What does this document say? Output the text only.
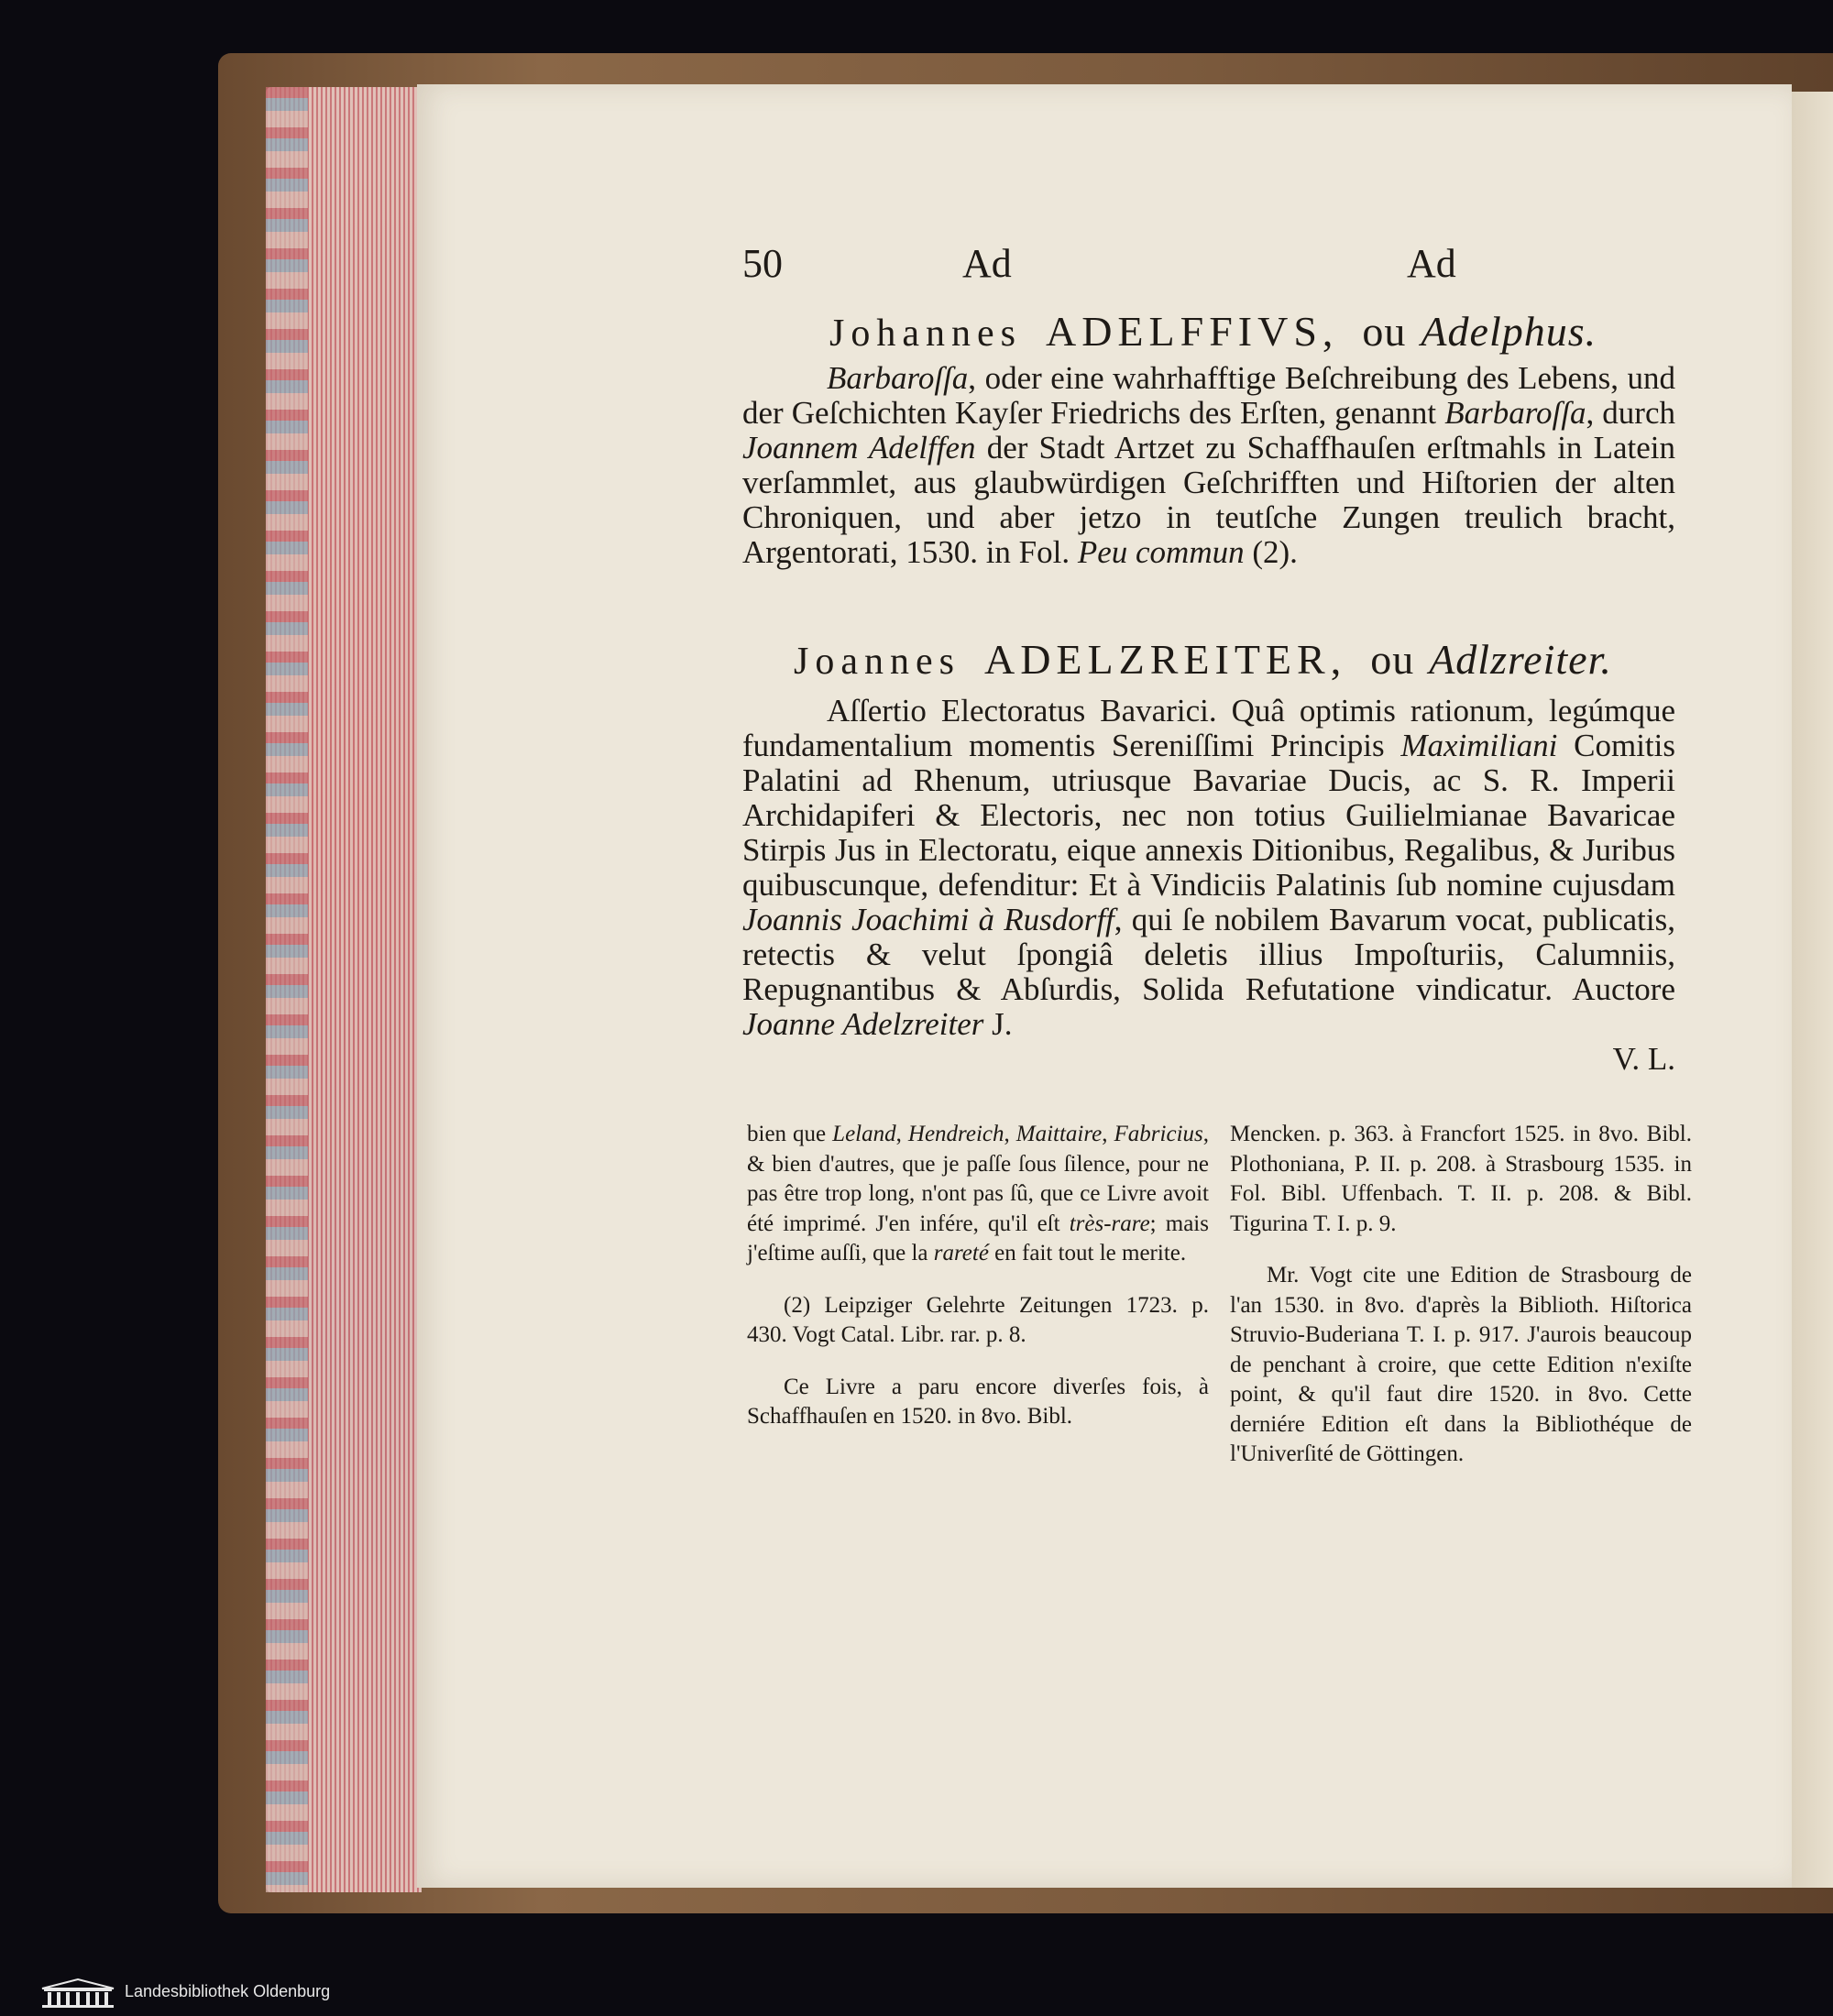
50	Ad	Ad
Johannes ADELFFIVS, ou Adelphus.
Barbaroſſa, oder eine wahrhafftige Beſchreibung des Lebens, und der Geſchichten Kayſer Friedrichs des Erſten, genannt Barbaroſſa, durch Joannem Adelffen der Stadt Artzet zu Schaffhauſen erſtmahls in Latein verſammlet, aus glaubwürdigen Geſchrifften und Hiſtorien der alten Chroniquen, und aber jetzo in teutſche Zungen treulich bracht, Argentorati, 1530. in Fol. Peu commun (2).
Joannes ADELZREITER, ou Adlzreiter.
Aſſertio Electoratus Bavarici. Quâ optimis rationum, legúmque fundamentalium momentis Sereniſſimi Principis Maximiliani Comitis Palatini ad Rhenum, utriusque Bavariae Ducis, ac S. R. Imperii Archidapiferi & Electoris, nec non totius Guilielmianae Bavaricae Stirpis Jus in Electoratu, eique annexis Ditionibus, Regalibus, & Juribus quibuscunque, defenditur: Et à Vindiciis Palatinis ſub nomine cujusdam Joannis Joachimi à Rusdorff, qui ſe nobilem Bavarum vocat, publicatis, retectis & velut ſpongiâ deletis illius Impoſturiis, Calumniis, Repugnantibus & Abſurdis, Solida Refutatione vindicatur. Auctore Joanne Adelzreiter J.
V. L.

bien que Leland, Hendreich, Maittaire, Fabricius, & bien d'autres, que je paſſe ſous ſilence, pour ne pas être trop long, n'ont pas ſû, que ce Livre avoit été imprimé. J'en infére, qu'il eſt très-rare; mais j'eſtime auſſi, que la rareté en fait tout le merite.

(2) Leipziger Gelehrte Zeitungen 1723. p. 430. Vogt Catal. Libr. rar. p. 8.

Ce Livre a paru encore diverſes fois, à Schaffhauſen en 1520. in 8vo. Bibl.

Mencken. p. 363. à Francfort 1525. in 8vo. Bibl. Plothoniana, P. II. p. 208. à Strasbourg 1535. in Fol. Bibl. Uffenbach. T. II. p. 208. & Bibl. Tigurina T. I. p. 9.

Mr. Vogt cite une Edition de Strasbourg de l'an 1530. in 8vo. d'après la Biblioth. Hiſtorica Struvio-Buderiana T. I. p. 917. J'aurois beaucoup de penchant à croire, que cette Edition n'exiſte point, & qu'il faut dire 1520. in 8vo. Cette derniére Edition eſt dans la Bibliothéque de l'Univerſité de Göttingen.

Landesbibliothek Oldenburg
